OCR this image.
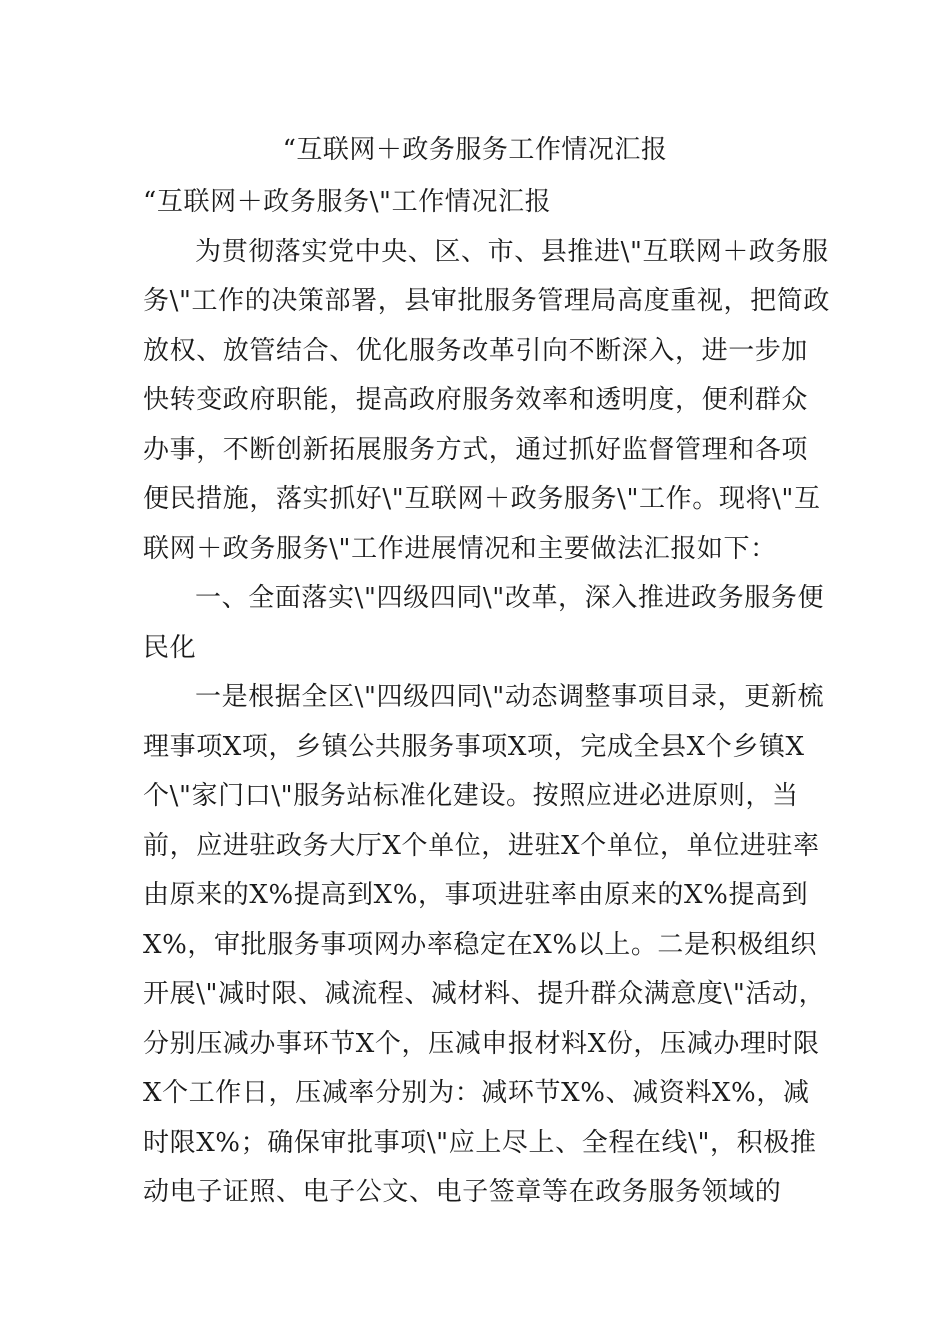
“互联网＋政务服务工作情况汇报

“互联网＋政务服务\"工作情况汇报

为贯彻落实党中央、区、市、县推进\"互联网＋政务服务\"工作的决策部署，县审批服务管理局高度重视，把简政放权、放管结合、优化服务改革引向不断深入，进一步加快转变政府职能，提高政府服务效率和透明度，便利群众办事，不断创新拓展服务方式，通过抓好监督管理和各项便民措施，落实抓好\"互联网＋政务服务\"工作。现将\"互联网＋政务服务\"工作进展情况和主要做法汇报如下：

一、全面落实\"四级四同\"改革，深入推进政务服务便民化

一是根据全区\"四级四同\"动态调整事项目录，更新梳理事项X项，乡镇公共服务事项X项，完成全县X个乡镇X个\"家门口\"服务站标准化建设。按照应进必进原则，当前，应进驻政务大厅X个单位，进驻X个单位，单位进驻率由原来的X%提高到X%，事项进驻率由原来的X%提高到X%，审批服务事项网办率稳定在X%以上。二是积极组织开展\"减时限、减流程、减材料、提升群众满意度\"活动，分别压减办事环节X个，压减申报材料X份，压减办理时限X个工作日，压减率分别为：减环节X%、减资料X%，减时限X%；确保审批事项\"应上尽上、全程在线\"，积极推动电子证照、电子公文、电子签章等在政务服务领域的
